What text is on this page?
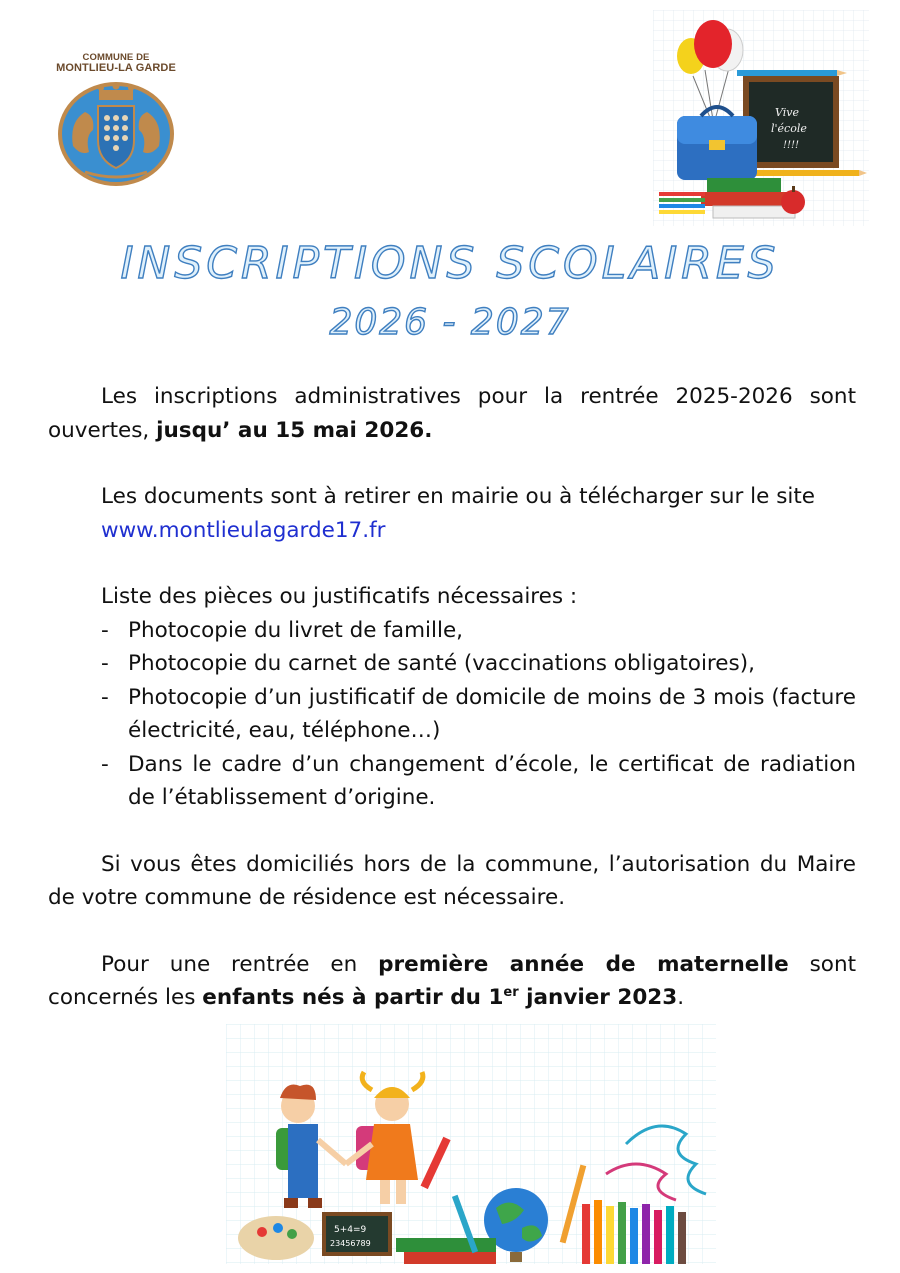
COMMUNE DE
MONTLIEU-LA GARDE
Vive
l'école
!!!!
INSCRIPTIONS SCOLAIRES
2026 - 2027

Les inscriptions administratives pour la rentrée 2025-2026 sont ouvertes, jusqu’ au 15 mai 2026.

Les documents sont à retirer en mairie ou à télécharger sur le site

www.montlieulagarde17.fr

Liste des pièces ou justificatifs nécessaires :

- Photocopie du livret de famille,
- Photocopie du carnet de santé (vaccinations obligatoires),
- Photocopie d’un justificatif de domicile de moins de 3 mois (facture électricité, eau, téléphone…)
- Dans le cadre d’un changement d’école, le certificat de radiation de l’établissement d’origine.

Si vous êtes domiciliés hors de la commune, l’autorisation du Maire de votre commune de résidence est nécessaire.

Pour une rentrée en première année de maternelle sont concernés les enfants nés à partir du 1er janvier 2023.

5+4=9
23456789
